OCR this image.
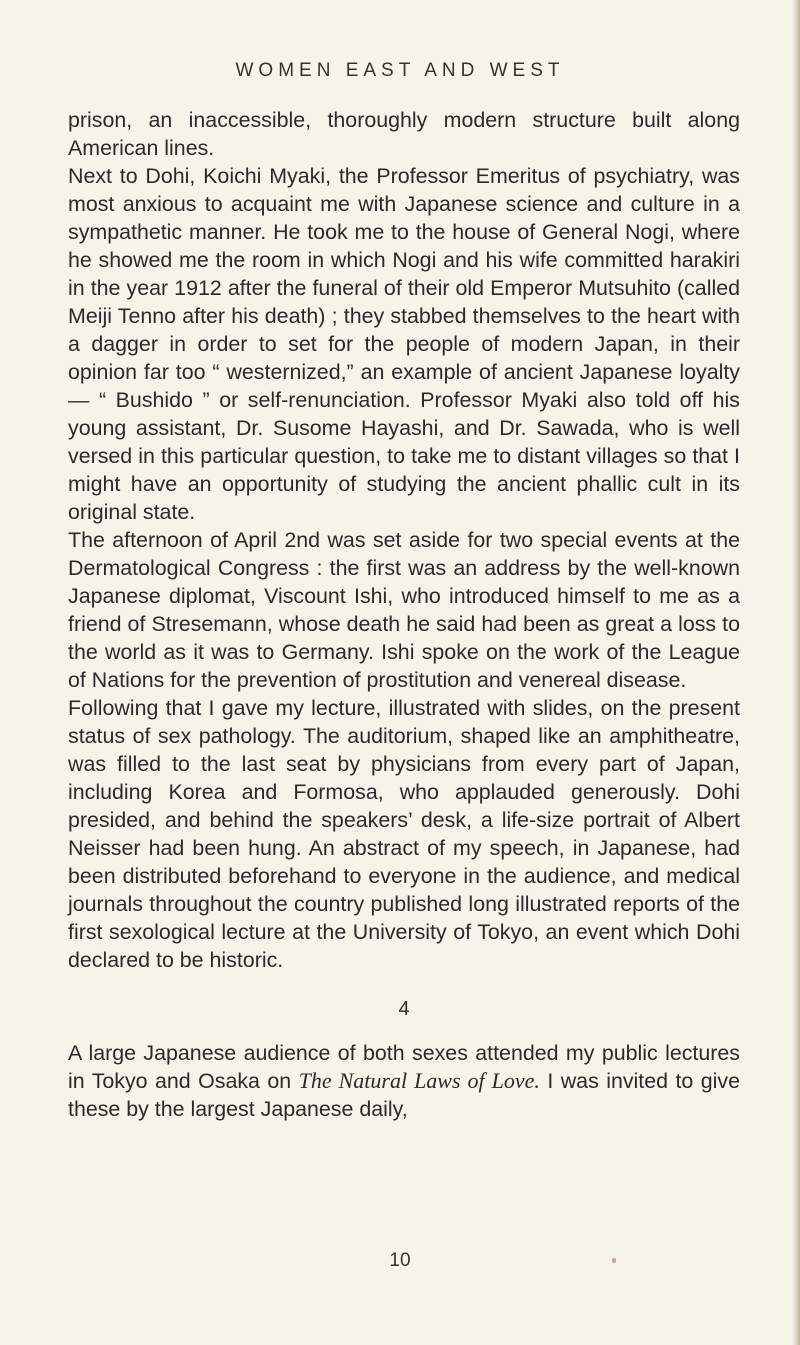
WOMEN EAST AND WEST

prison, an inaccessible, thoroughly modern structure built along American lines.

Next to Dohi, Koichi Myaki, the Professor Emeritus of psychiatry, was most anxious to acquaint me with Japanese science and culture in a sympathetic manner. He took me to the house of General Nogi, where he showed me the room in which Nogi and his wife committed harakiri in the year 1912 after the funeral of their old Emperor Mutsuhito (called Meiji Tenno after his death) ; they stabbed themselves to the heart with a dagger in order to set for the people of modern Japan, in their opinion far too “ westernized,” an example of ancient Japanese loyalty— “ Bushido ” or self-renunciation. Professor Myaki also told off his young assistant, Dr. Susome Hayashi, and Dr. Sawada, who is well versed in this particular question, to take me to distant villages so that I might have an opportunity of studying the ancient phallic cult in its original state.

The afternoon of April 2nd was set aside for two special events at the Dermatological Congress : the first was an address by the well-known Japanese diplomat, Viscount Ishi, who introduced himself to me as a friend of Stresemann, whose death he said had been as great a loss to the world as it was to Germany. Ishi spoke on the work of the League of Nations for the prevention of prostitution and venereal disease.

Following that I gave my lecture, illustrated with slides, on the present status of sex pathology. The auditorium, shaped like an amphitheatre, was filled to the last seat by physicians from every part of Japan, including Korea and Formosa, who applauded generously. Dohi presided, and behind the speakers’ desk, a life-size portrait of Albert Neisser had been hung. An abstract of my speech, in Japanese, had been distributed beforehand to everyone in the audience, and medical journals throughout the country published long illustrated reports of the first sexological lecture at the University of Tokyo, an event which Dohi declared to be historic.

4

A large Japanese audience of both sexes attended my public lectures in Tokyo and Osaka on The Natural Laws of Love. I was invited to give these by the largest Japanese daily,

10
